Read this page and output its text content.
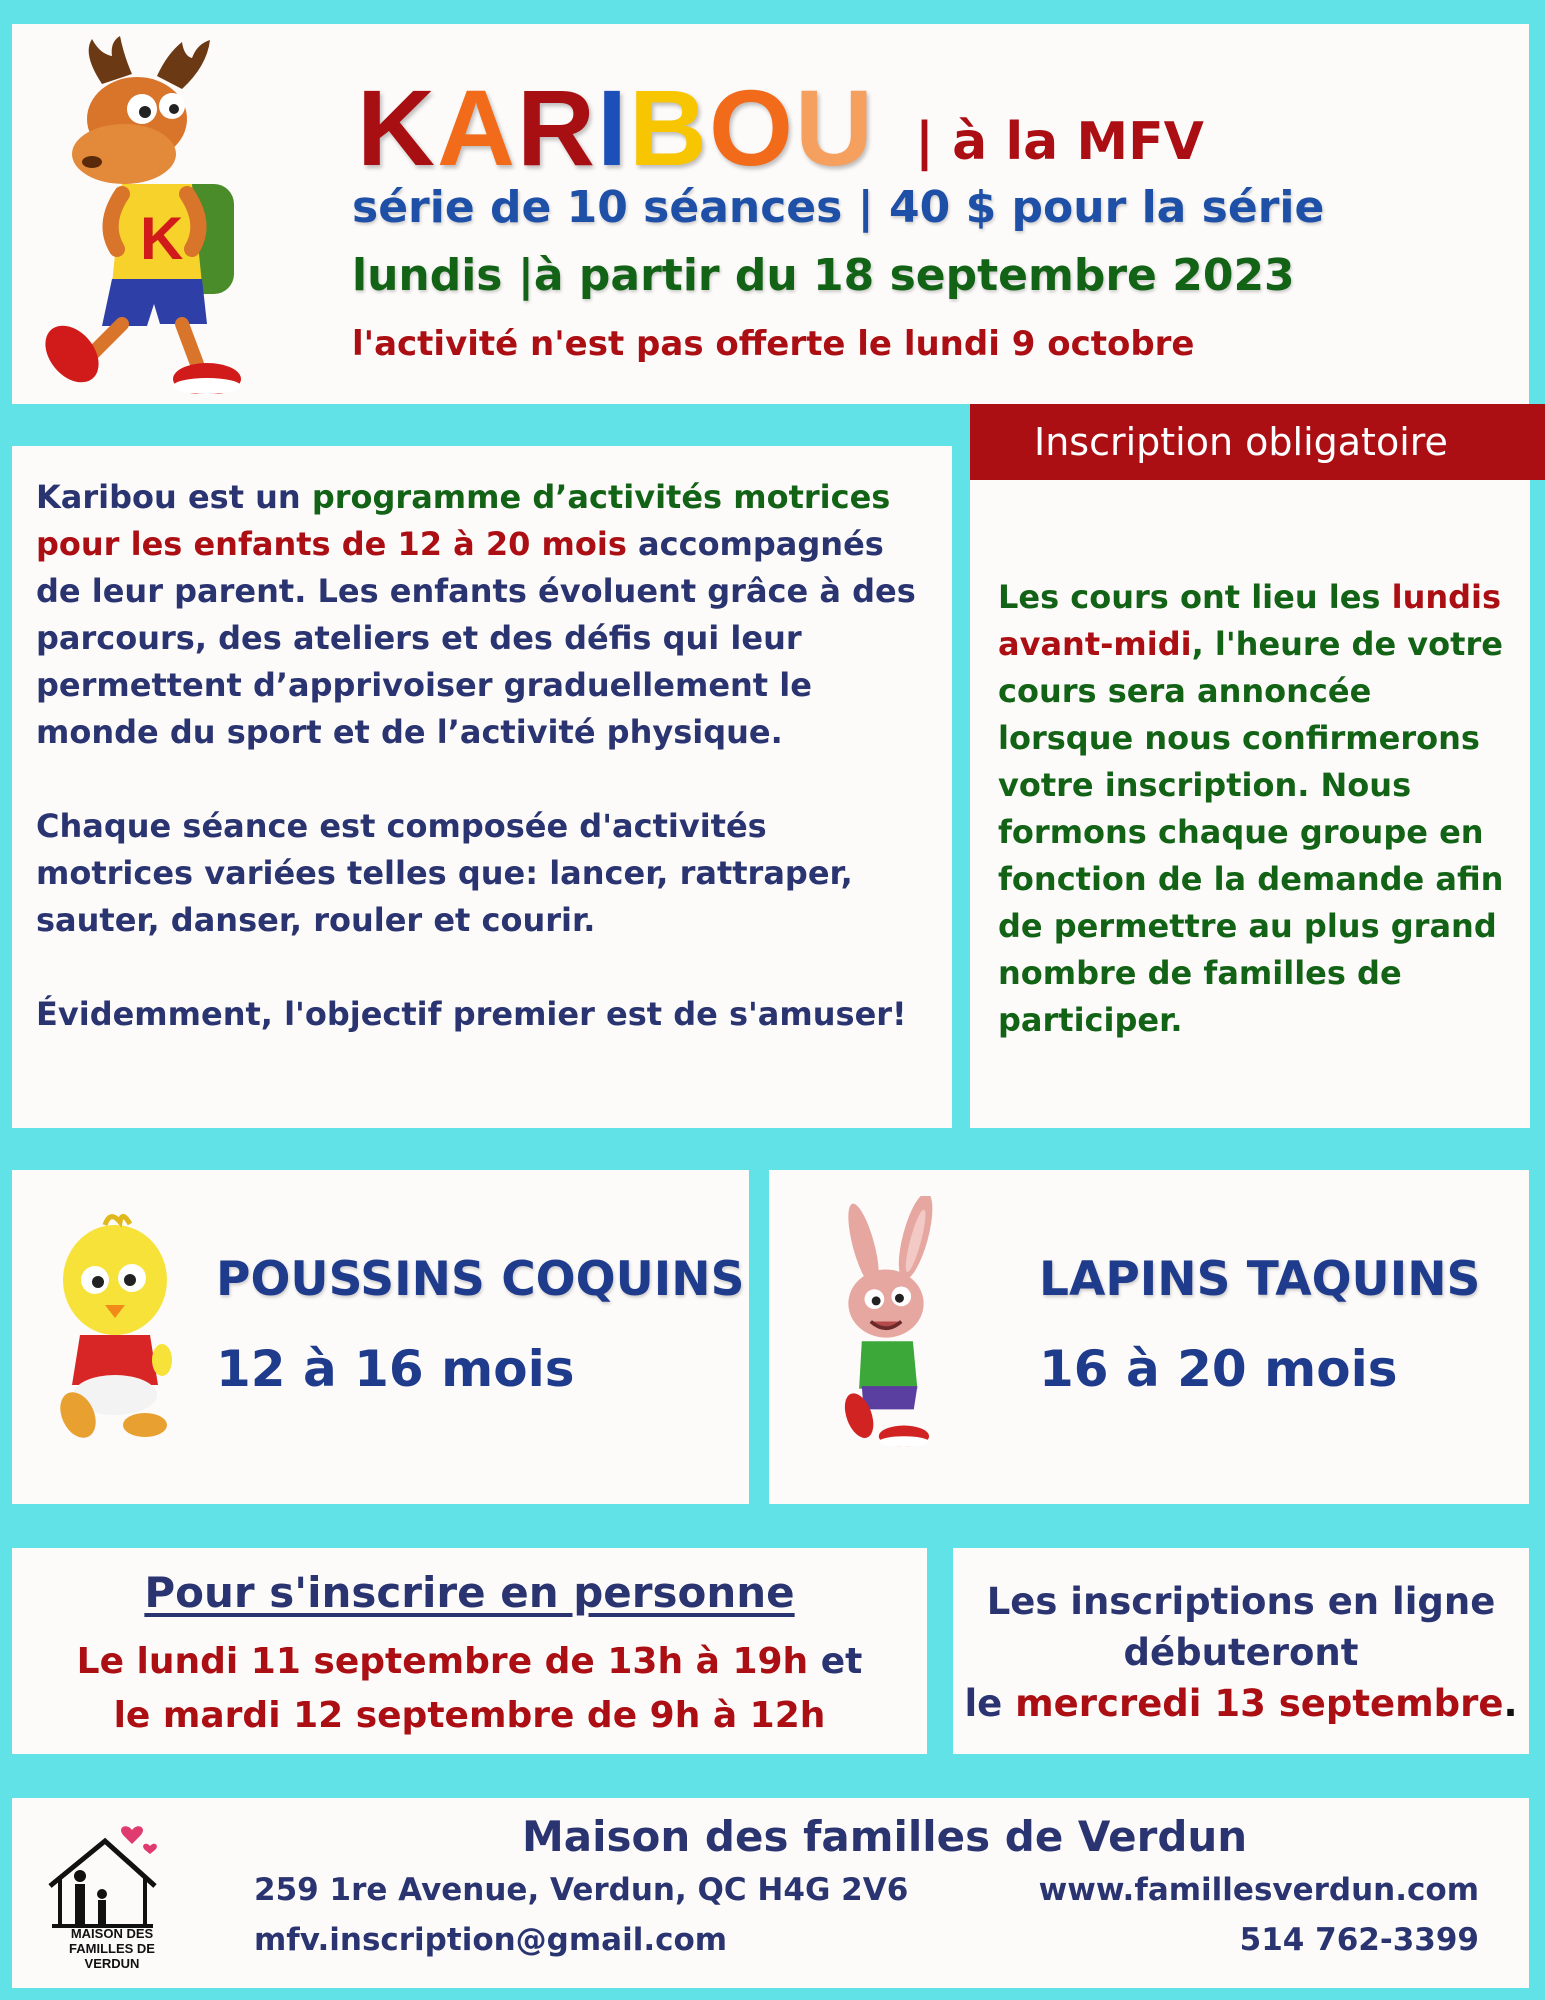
K
KARIBOU | à la MFV
série de 10 séances | 40 $ pour la série
lundis |à partir du 18 septembre 2023
l'activité n'est pas offerte le lundi 9 octobre

Karibou est un programme d’activités motrices pour les enfants de 12 à 20 mois accompagnés de leur parent. Les enfants évoluent grâce à des parcours, des ateliers et des défis qui leur permettent d’apprivoiser graduellement le monde du sport et de l’activité physique.

Chaque séance est composée d'activités motrices variées telles que: lancer, rattraper, sauter, danser, rouler et courir.

Évidemment, l'objectif premier est de s'amuser!

Les cours ont lieu les lundis avant-midi, l'heure de votre cours sera annoncée lorsque nous confirmerons votre inscription. Nous formons chaque groupe en fonction de la demande afin de permettre au plus grand nombre de familles de participer.

Inscription obligatoire
POUSSINS COQUINS
12 à 16 mois
LAPINS TAQUINS
16 à 20 mois
Pour s'inscrire en personne
Le lundi 11 septembre de 13h à 19h et
le mardi 12 septembre de 9h à 12h
Les inscriptions en ligne
débuteront
le mercredi 13 septembre.
MAISON DES FAMILLES DE VERDUN
Maison des familles de Verdun
259 1re Avenue, Verdun, QC H4G 2V6
mfv.inscription@gmail.com
www.famillesverdun.com
514 762-3399
